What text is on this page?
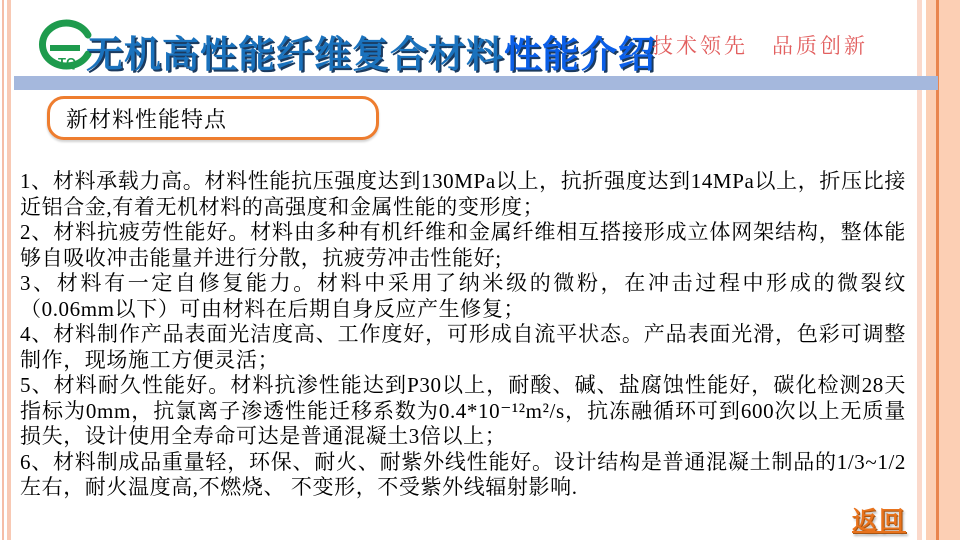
TQ 无机高性能纤维复合材料性能介绍
技术领先　品质创新
新材料性能特点

1、材料承载力高。材料性能抗压强度达到130MPa以上，抗折强度达到14MPa以上，折压比接近铝合金,有着无机材料的高强度和金属性能的变形度；

2、材料抗疲劳性能好。材料由多种有机纤维和金属纤维相互搭接形成立体网架结构，整体能够自吸收冲击能量并进行分散，抗疲劳冲击性能好;

3、材料有一定自修复能力。材料中采用了纳米级的微粉，在冲击过程中形成的微裂纹（0.06mm以下）可由材料在后期自身反应产生修复；

4、材料制作产品表面光洁度高、工作度好，可形成自流平状态。产品表面光滑，色彩可调整制作，现场施工方便灵活；

5、材料耐久性能好。材料抗渗性能达到P30以上，耐酸、碱、盐腐蚀性能好，碳化检测28天指标为0mm，抗氯离子渗透性能迁移系数为0.4*10⁻¹²m²/s，抗冻融循环可到600次以上无质量损失，设计使用全寿命可达是普通混凝土3倍以上；

6、材料制成品重量轻，环保、耐火、耐紫外线性能好。设计结构是普通混凝土制品的1/3~1/2左右，耐火温度高,不燃烧、 不变形，不受紫外线辐射影响.

返回
